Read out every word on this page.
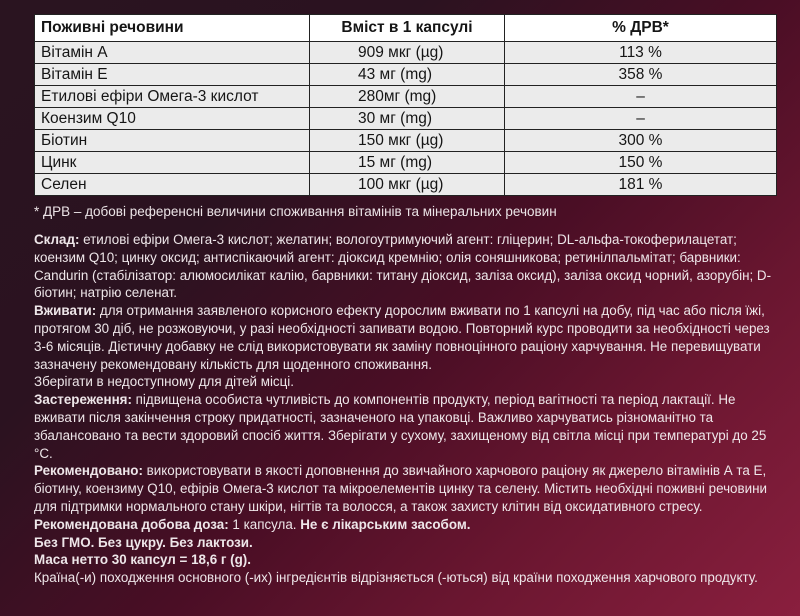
Поживні речовини	Вміст в 1 капсулі	% ДРВ*
Вітамін А	909 мкг (µg)	113 %
Вітамін Е	43 мг (mg)	358 %
Етилові ефіри Омега-3 кислот	280мг (mg)	–
Коензим Q10	30 мг (mg)	–
Біотин	150 мкг (µg)	300 %
Цинк	15 мг (mg)	150 %
Селен	100 мкг (µg)	181 %
* ДРВ – добові референсні величини споживання вітамінів та мінеральних речовин

Склад: етилові ефіри Омега-3 кислот; желатин; вологоутримуючий агент: гліцерин; DL-альфа-токоферилацетат; коензим Q10; цинку оксид; антиспікаючий агент: діоксид кремнію; олія соняшникова; ретинілпальмітат; барвники: Candurin (стабілізатор: алюмосилікат калію, барвники: титану діоксид, заліза оксид), заліза оксид чорний, азорубін; D-біотин; натрію селенат.

Вживати: для отримання заявленого корисного ефекту дорослим вживати по 1 капсулі на добу, під час або після їжі, протягом 30 діб, не розжовуючи, у разі необхідності запивати водою. Повторний курс проводити за необхідності через 3-6 місяців. Дієтичну добавку не слід використовувати як заміну повноцінного раціону харчування. Не перевищувати зазначену рекомендовану кількість для щоденного споживання.

Зберігати в недоступному для дітей місці.

Застереження: підвищена особиста чутливість до компонентів продукту, період вагітності та період лактації. Не вживати після закінчення строку придатності, зазначеного на упаковці. Важливо харчуватись різноманітно та збалансовано та вести здоровий спосіб життя. Зберігати у сухому, захищеному від світла місці при температурі до 25 °С.

Рекомендовано: використовувати в якості доповнення до звичайного харчового раціону як джерело вітамінів А та Е, біотину, коензиму Q10, ефірів Омега-3 кислот та мікроелементів цинку та селену. Містить необхідні поживні речовини для підтримки нормального стану шкіри, нігтів та волосся, а також захисту клітин від оксидативного стресу.

Рекомендована добова доза: 1 капсула. Не є лікарським засобом.

Без ГМО. Без цукру. Без лактози.

Маса нетто 30 капсул = 18,6 г (g).

Країна(-и) походження основного (-их) інгредієнтів відрізняється (-ються) від країни походження харчового продукту.
